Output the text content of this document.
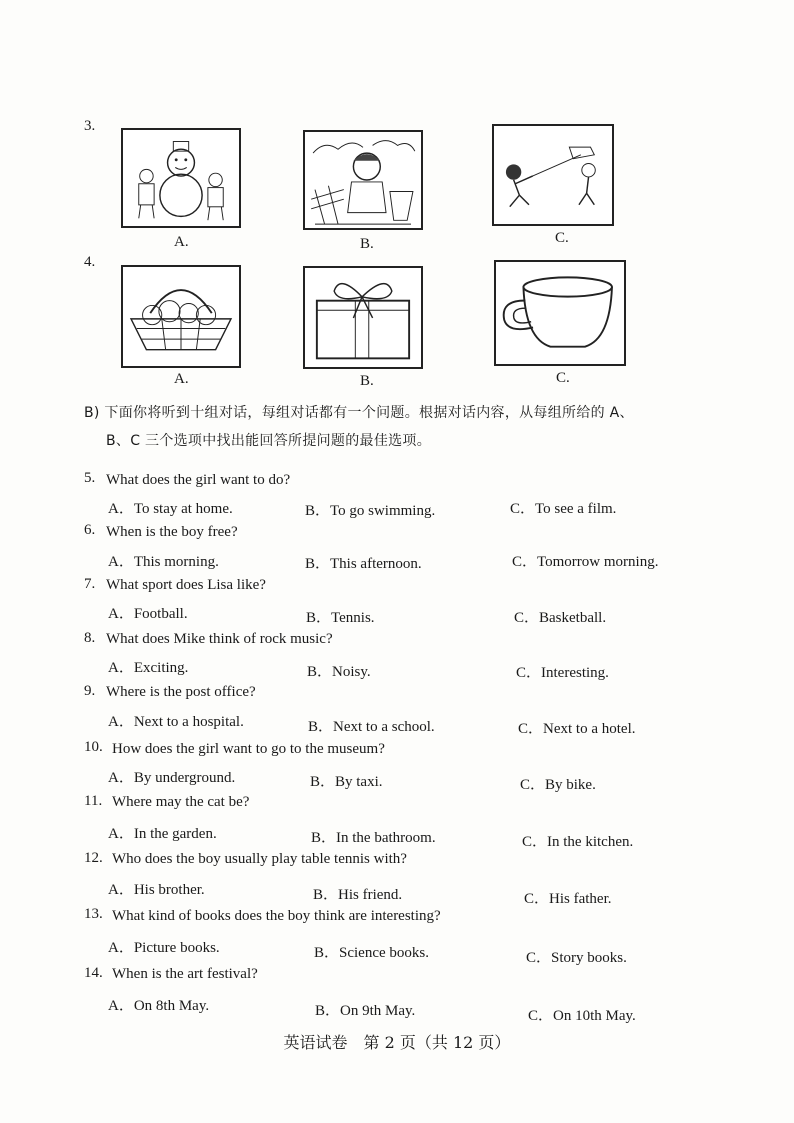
3.
A.	B.	C.
4.
A.	B.	C.
B) 下面你将听到十组对话，每组对话都有一个问题。根据对话内容，从每组所给的 A、
B、C 三个选项中找出能回答所提问题的最佳选项。
5. What does the girl want to do?
A．To stay at home.	B．To go swimming.	C．To see a film.
6. When is the boy free?
A．This morning.	B．This afternoon.	C．Tomorrow morning.
7. What sport does Lisa like?
A．Football.	B．Tennis.	C．Basketball.
8. What does Mike think of rock music?
A．Exciting.	B．Noisy.	C．Interesting.
9. Where is the post office?
A．Next to a hospital.	B．Next to a school.	C．Next to a hotel.
10. How does the girl want to go to the museum?
A．By underground.	B．By taxi.	C．By bike.
11. Where may the cat be?
A．In the garden.	B．In the bathroom.	C．In the kitchen.
12. Who does the boy usually play table tennis with?
A．His brother.	B．His friend.	C．His father.
13. What kind of books does the boy think are interesting?
A．Picture books.	B．Science books.	C．Story books.
14. When is the art festival?
A．On 8th May.	B．On 9th May.	C．On 10th May.
英语试卷　第 2 页（共 12 页）
